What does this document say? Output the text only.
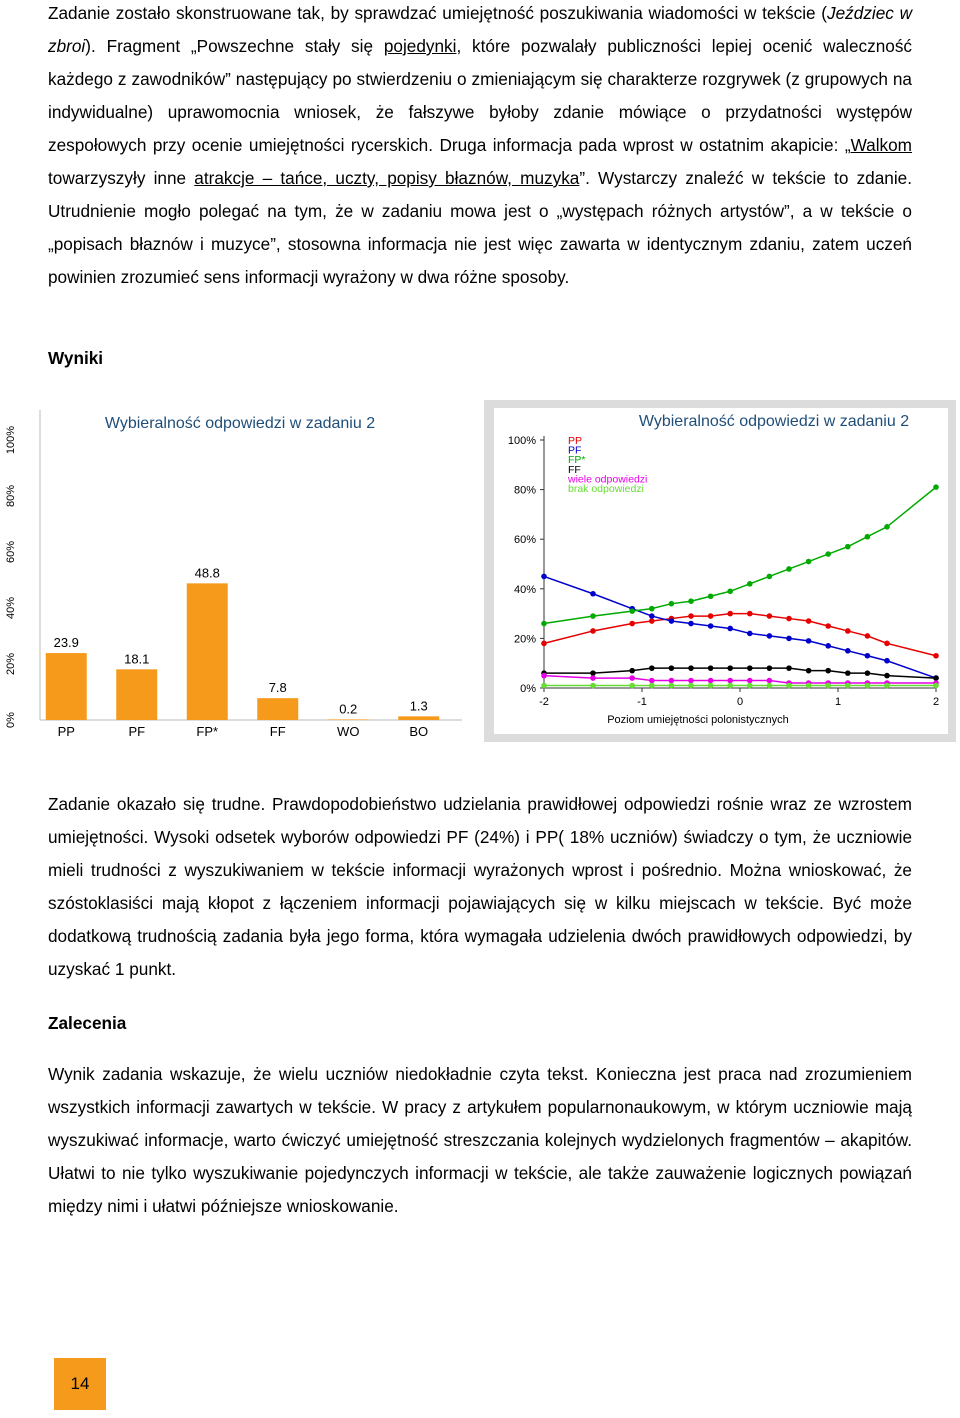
Zadanie zostało skonstruowane tak, by sprawdzać umiejętność poszukiwania wiadomości w tekście (Jeździec w zbroi). Fragment „Powszechne stały się pojedynki, które pozwalały publiczności lepiej ocenić waleczność każdego z zawodników” następujący po stwierdzeniu o zmieniającym się charakterze rozgrywek (z grupowych na indywidualne) uprawomocnia wniosek, że fałszywe byłoby zdanie mówiące o przydatności występów zespołowych przy ocenie umiejętności rycerskich. Druga informacja pada wprost w ostatnim akapicie: „Walkom towarzyszyły inne atrakcje – tańce, uczty, popisy błaznów, muzyka”. Wystarczy znaleźć w tekście to zdanie. Utrudnienie mogło polegać na tym, że w zadaniu mowa jest o „występach różnych artystów”, a w tekście o „popisach błaznów i muzyce”, stosowna informacja nie jest więc zawarta w identycznym zdaniu, zatem uczeń powinien zrozumieć sens informacji wyrażony w dwa różne sposoby.
Wyniki
Wybieralność odpowiedzi w zadaniu 2
0%
20%
40%
60%
80%
100%
23.9
18.1
48.8
7.8
0.2	1.3
PP	PF	FP*	FF	WO	BO
Wybieralność odpowiedzi w zadaniu 2
0%
20%
40%
60%
80%
100%
-2	-1	0	1	2
PP
PF
FP*
FF
wiele odpowiedzi
brak odpowiedzi
Poziom umiejętności polonistycznych
Zadanie okazało się trudne. Prawdopodobieństwo udzielania prawidłowej odpowiedzi rośnie wraz ze wzrostem umiejętności. Wysoki odsetek wyborów odpowiedzi PF (24%) i PP( 18% uczniów) świadczy o tym, że uczniowie mieli trudności z wyszukiwaniem w tekście informacji wyrażonych wprost i pośrednio. Można wnioskować, że szóstoklasiści mają kłopot z łączeniem informacji pojawiających się w kilku miejscach w tekście. Być może dodatkową trudnością zadania była jego forma, która wymagała udzielenia dwóch prawidłowych odpowiedzi, by uzyskać 1 punkt.
Zalecenia
Wynik zadania wskazuje, że wielu uczniów niedokładnie czyta tekst. Konieczna jest praca nad zrozumieniem wszystkich informacji zawartych w tekście. W pracy z artykułem popularnonaukowym, w którym uczniowie mają wyszukiwać informacje, warto ćwiczyć umiejętność streszczania kolejnych wydzielonych fragmentów – akapitów. Ułatwi to nie tylko wyszukiwanie pojedynczych informacji w tekście, ale także zauważenie logicznych powiązań między nimi i ułatwi późniejsze wnioskowanie.
14
